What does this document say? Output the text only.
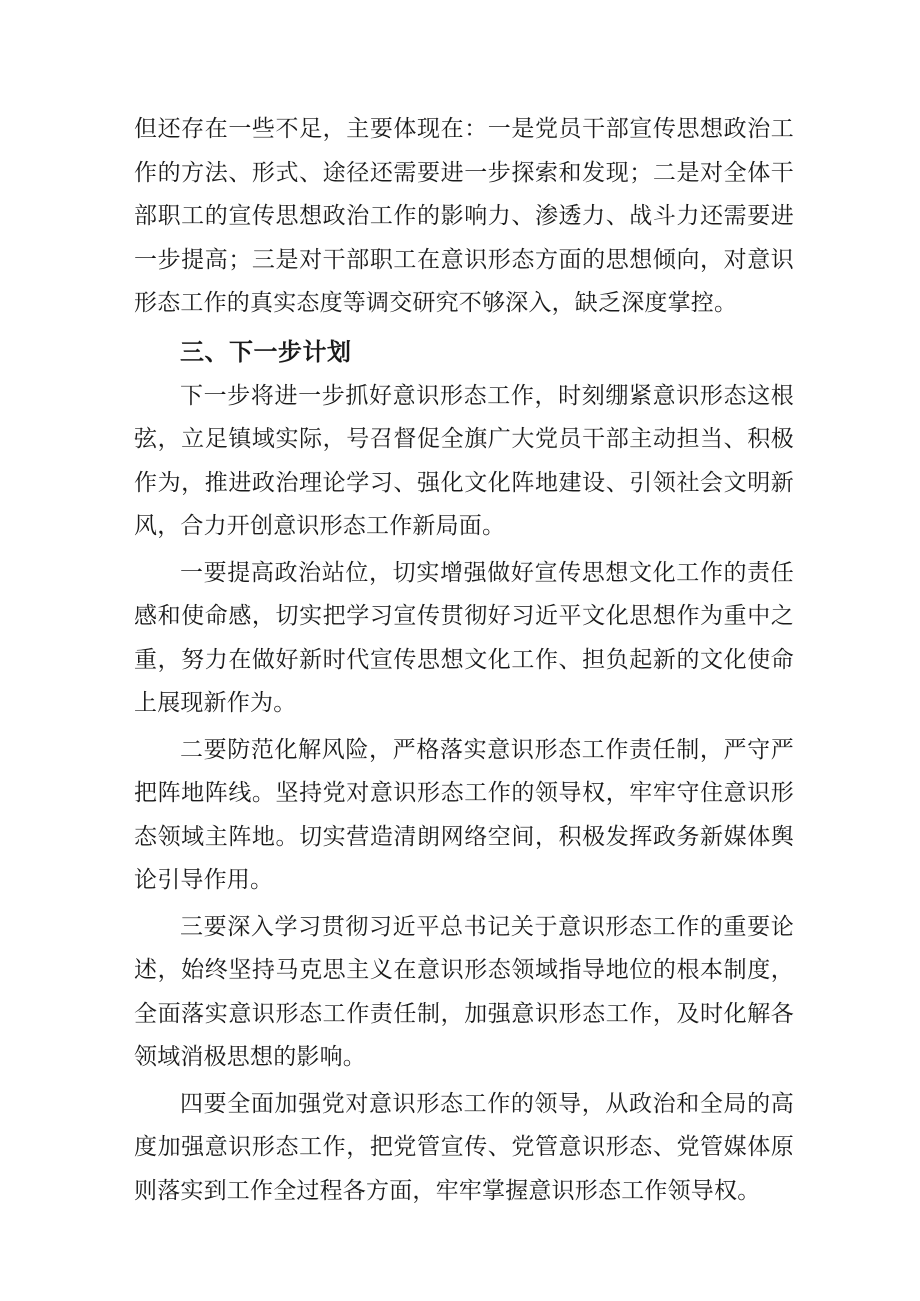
但还存在一些不足，主要体现在：一是党员干部宣传思想政治工作的方法、形式、途径还需要进一步探索和发现；二是对全体干部职工的宣传思想政治工作的影响力、渗透力、战斗力还需要进一步提高；三是对干部职工在意识形态方面的思想倾向，对意识形态工作的真实态度等调交研究不够深入，缺乏深度掌控。

三、下一步计划

下一步将进一步抓好意识形态工作，时刻绷紧意识形态这根弦，立足镇域实际，号召督促全旗广大党员干部主动担当、积极作为，推进政治理论学习、强化文化阵地建设、引领社会文明新风，合力开创意识形态工作新局面。

一要提高政治站位，切实增强做好宣传思想文化工作的责任感和使命感，切实把学习宣传贯彻好习近平文化思想作为重中之重，努力在做好新时代宣传思想文化工作、担负起新的文化使命上展现新作为。

二要防范化解风险，严格落实意识形态工作责任制，严守严把阵地阵线。坚持党对意识形态工作的领导权，牢牢守住意识形态领域主阵地。切实营造清朗网络空间，积极发挥政务新媒体舆论引导作用。

三要深入学习贯彻习近平总书记关于意识形态工作的重要论述，始终坚持马克思主义在意识形态领域指导地位的根本制度，全面落实意识形态工作责任制，加强意识形态工作，及时化解各领域消极思想的影响。

四要全面加强党对意识形态工作的领导，从政治和全局的高度加强意识形态工作，把党管宣传、党管意识形态、党管媒体原则落实到工作全过程各方面，牢牢掌握意识形态工作领导权。
